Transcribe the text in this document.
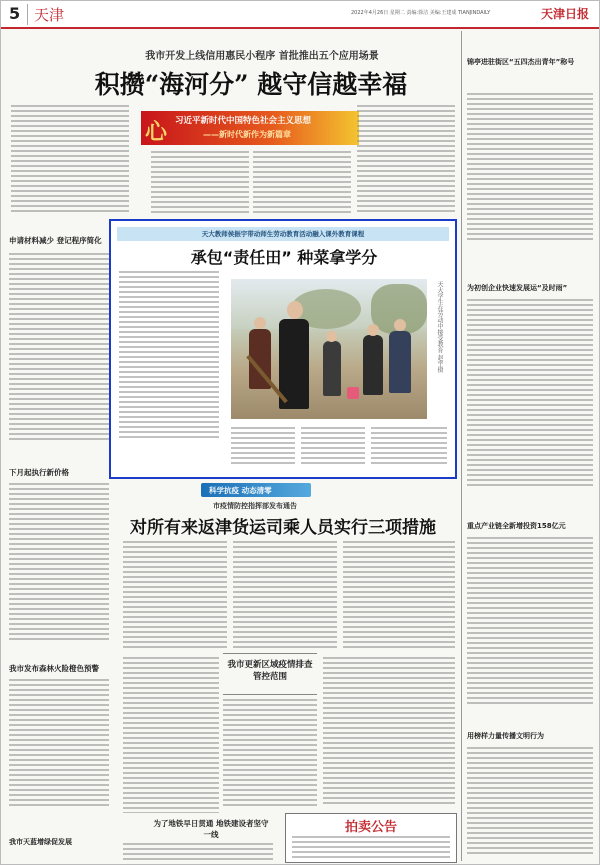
5 天津	2022年4月26日 星期二 责编:徐洁 美编:王建成 TIANJINDAILY	天津日报
我市开发上线信用惠民小程序 首批推出五个应用场景
积攒“海河分” 越守信越幸福
心 习近平新时代中国特色社会主义思想
——新时代新作为新篇章
申请材料减少 登记程序简化
下月起执行新价格
我市发布森林火险橙色预警
我市天蓝增绿促发展
锦亭进驻街区“五四杰出青年”称号
为初创企业快速发展运“及时雨”
重点产业链全新增投资158亿元
用榜样力量传播文明行为
天大教师侯振宇带动师生劳动教育活动融入课外教育课程
承包“责任田” 种菜拿学分
天大学生在劳动中接受教育 赵宇摄
科学抗疫 动态清零
市疫情防控指挥部发布通告
对所有来返津货运司乘人员实行三项措施
我市更新区域疫情排查管控范围
为了地铁早日贯通 地铁建设者坚守一线	拍卖公告
